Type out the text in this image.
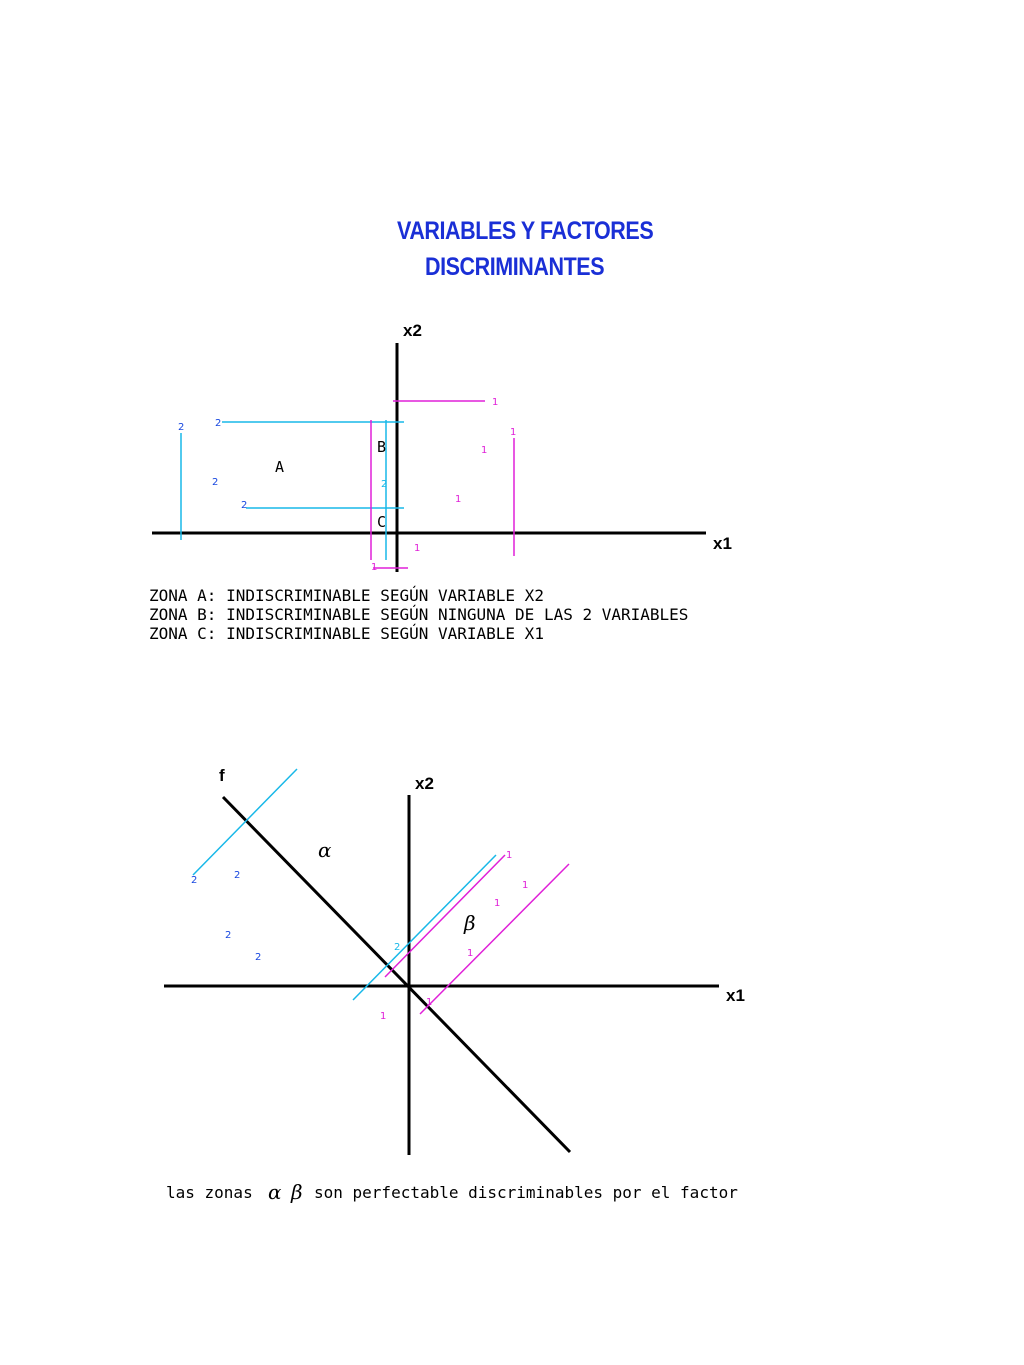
VARIABLES Y FACTORES
DISCRIMINANTES
x2
x1
A
B
C
1
1
1
1
1
1
2	2
2
2
2
ZONA A: INDISCRIMINABLE SEGÚN VARIABLE X2
ZONA B: INDISCRIMINABLE SEGÚN NINGUNA DE LAS 2 VARIABLES
ZONA C: INDISCRIMINABLE SEGÚN VARIABLE X1
x2
x1
f
α
β
2	2
2
2
2
1
1
1
1
1
1
las zonas α β son perfectable discriminables por el factor
